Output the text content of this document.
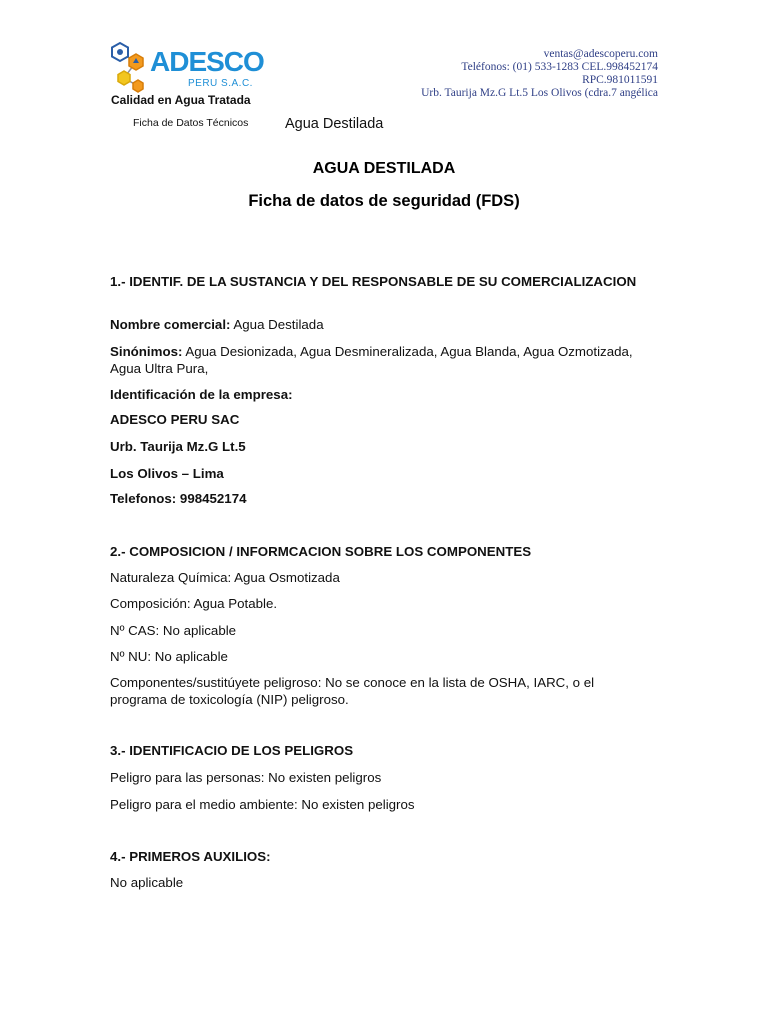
ADESCO
PERU S.A.C.
Calidad en Agua Tratada
Ficha de Datos Técnicos	Agua Destilada
ventas@adescoperu.com
Teléfonos: (01) 533-1283 CEL.998452174
RPC.981011591
Urb. Taurija Mz.G Lt.5 Los Olivos (cdra.7 angélica
AGUA DESTILADA
Ficha de datos de seguridad (FDS)
1.- IDENTIF. DE LA SUSTANCIA Y DEL RESPONSABLE DE SU COMERCIALIZACION
Nombre comercial: Agua Destilada
Sinónimos: Agua Desionizada, Agua Desmineralizada, Agua Blanda, Agua Ozmotizada, Agua Ultra Pura,
Identificación de la empresa:
ADESCO PERU SAC
Urb. Taurija Mz.G Lt.5
Los Olivos – Lima
Telefonos: 998452174
2.- COMPOSICION / INFORMCACION SOBRE LOS COMPONENTES
Naturaleza Química: Agua Osmotizada
Composición: Agua Potable.
Nº CAS: No aplicable
Nº NU: No aplicable
Componentes/sustitúyete peligroso: No se conoce en la lista de OSHA, IARC, o el programa de toxicología (NIP) peligroso.
3.- IDENTIFICACIO DE LOS PELIGROS
Peligro para las personas: No existen peligros
Peligro para el medio ambiente: No existen peligros
4.- PRIMEROS AUXILIOS:
No aplicable
